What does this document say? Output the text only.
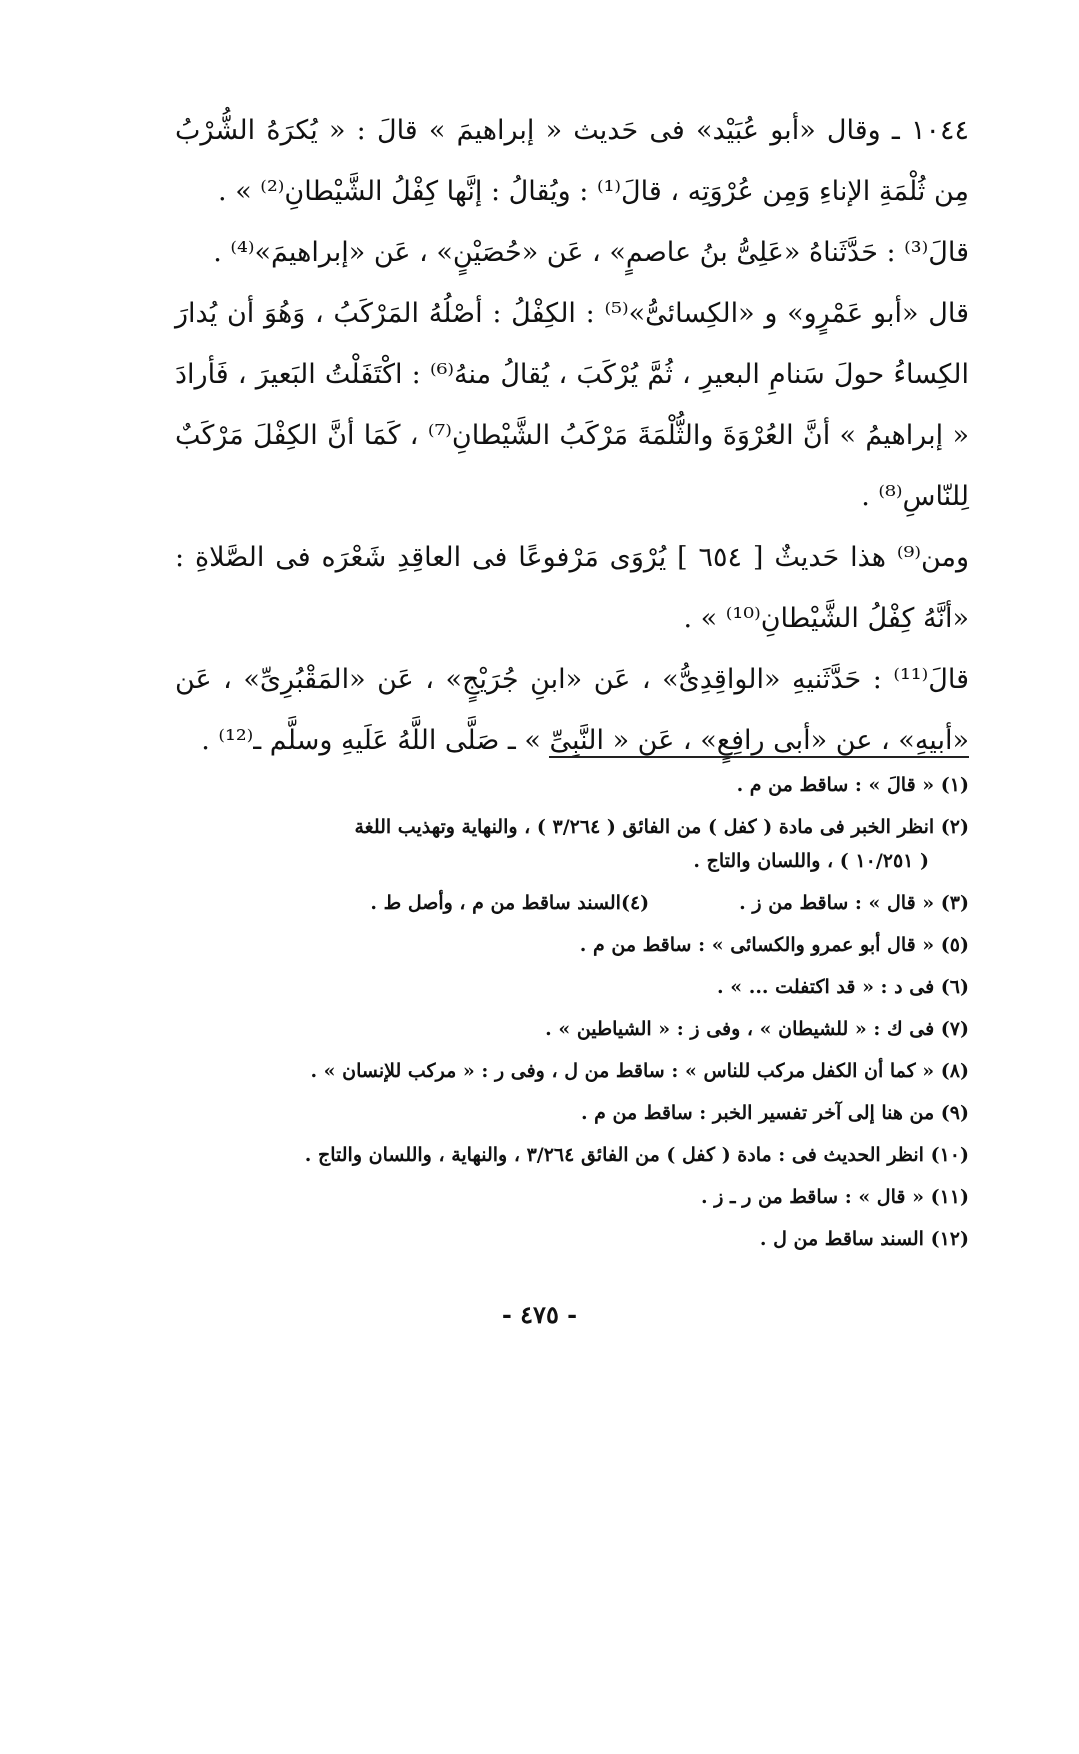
١٠٤٤ ـ وقال «أبو عُبَيْد» فى حَديث « إبراهيمَ » قالَ : « يُكرَهُ الشُّرْبُ مِن ثُلْمَةِ الإناءِ وَمِن عُرْوَتِه ، قالَ⁽¹⁾ : ويُقالُ : إنَّها كِفْلُ الشَّيْطانِ⁽²⁾ » .

قالَ⁽³⁾ : حَدَّثَناهُ «عَلِىُّ بنُ عاصمٍ» ، عَن «حُصَيْنٍ» ، عَن «إبراهيمَ»⁽⁴⁾ .

قال «أبو عَمْرٍو» و «الكِسائىُّ»⁽⁵⁾ : الكِفْلُ : أصْلُهُ المَرْكَبُ ، وَهُوَ أن يُدارَ الكِساءُ حولَ سَنامِ البعيرِ ، ثُمَّ يُرْكَبَ ، يُقالُ منهُ⁽⁶⁾ : اكْتَفَلْتُ البَعيرَ ، فَأرادَ « إبراهيمُ » أنَّ العُرْوَةَ والثُّلْمَةَ مَرْكَبُ الشَّيْطانِ⁽⁷⁾ ، كَمَا أنَّ الكِفْلَ مَرْكَبٌ لِلنّاسِ⁽⁸⁾ .

ومن⁽⁹⁾ هذا حَديثٌ [ ٦٥٤ ] يُرْوَى مَرْفوعًا فى العاقِدِ شَعْرَه فى الصَّلاةِ : «أنَّهُ كِفْلُ الشَّيْطانِ⁽¹⁰⁾ » .

قالَ⁽¹¹⁾ : حَدَّثَنيهِ «الواقِدِىُّ» ، عَن «ابنِ جُرَيْجٍ» ، عَن «المَقْبُرِىِّ» ، عَن «أبيهِ» ، عن «أبى رافِعٍ» ، عَن « النَّبِىِّ » ـ صَلَّى اللَّهُ عَلَيهِ وسلَّم ـ⁽¹²⁾ .

(١) « قالَ » : ساقط من م .

(٢) انظر الخبر فى مادة ( كفل ) من الفائق ( ٣/٢٦٤ ) ، والنهاية وتهذيب اللغة

( ١٠/٢٥١ ) ، واللسان والتاج .

(٣) « قال » : ساقط من ز .
(٤)السند ساقط من م ، وأصل ط .

(٥) « قال أبو عمرو والكسائى » : ساقط من م .

(٦) فى د : « قد اكتفلت ... » .

(٧) فى ك : « للشيطان » ، وفى ز : « الشياطين » .

(٨) « كما أن الكفل مركب للناس » : ساقط من ل ، وفى ر : « مركب للإنسان » .

(٩) من هنا إلى آخر تفسير الخبر : ساقط من م .

(١٠) انظر الحديث فى : مادة ( كفل ) من الفائق ٣/٢٦٤ ، والنهاية ، واللسان والتاج .

(١١) « قال » : ساقط من ر ـ ز .

(١٢) السند ساقط من ل .

- ٤٧٥ -
